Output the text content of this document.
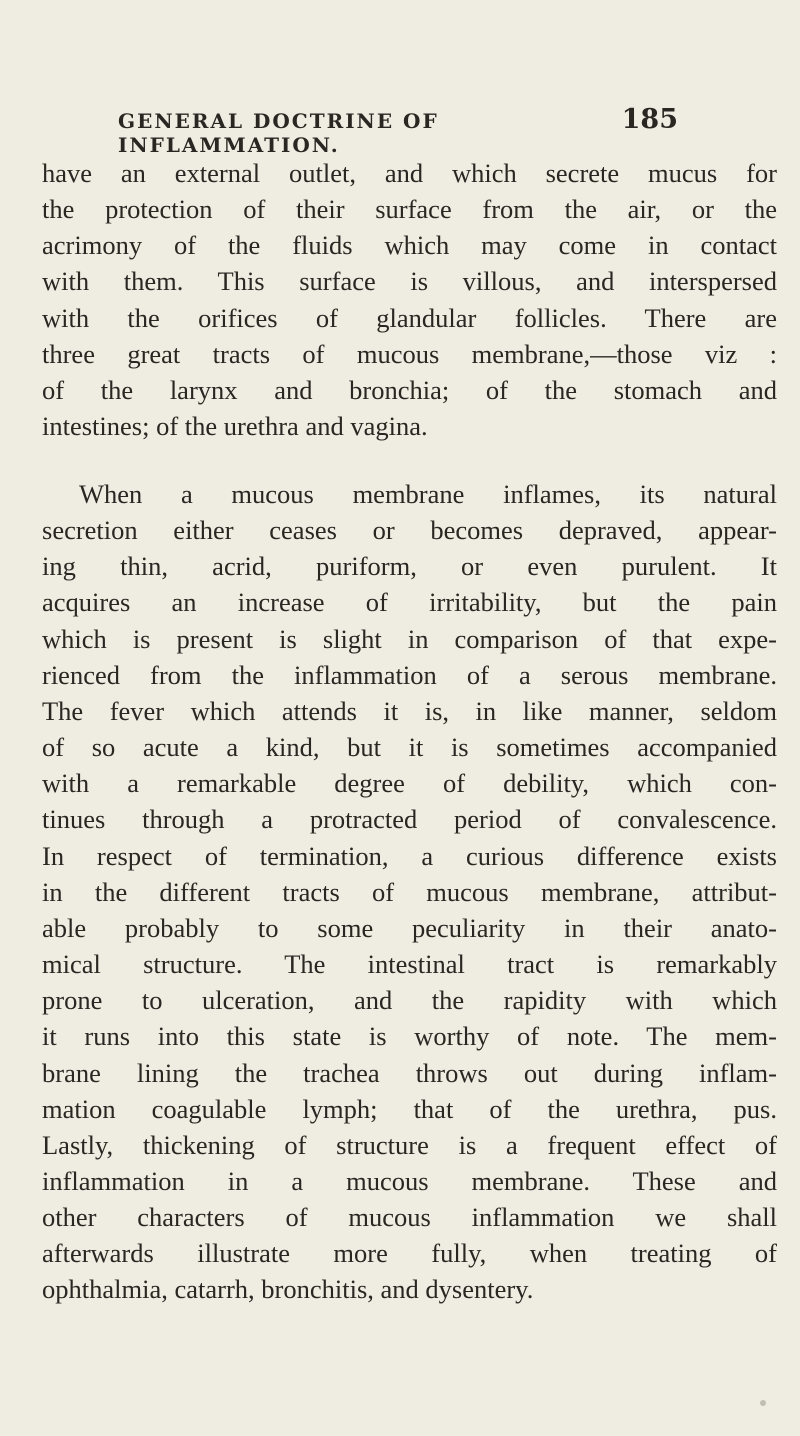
GENERAL DOCTRINE OF INFLAMMATION.
185
have an external outlet, and which secrete mucus for
the protection of their surface from the air, or the
acrimony of the fluids which may come in contact
with them. This surface is villous, and interspersed
with the orifices of glandular follicles. There are
three great tracts of mucous membrane,—those viz :
of the larynx and bronchia; of the stomach and
intestines; of the urethra and vagina.
When a mucous membrane inflames, its natural
secretion either ceases or becomes depraved, appear-
ing thin, acrid, puriform, or even purulent. It
acquires an increase of irritability, but the pain
which is present is slight in comparison of that expe-
rienced from the inflammation of a serous membrane.
The fever which attends it is, in like manner, seldom
of so acute a kind, but it is sometimes accompanied
with a remarkable degree of debility, which con-
tinues through a protracted period of convalescence.
In respect of termination, a curious difference exists
in the different tracts of mucous membrane, attribut-
able probably to some peculiarity in their anato-
mical structure. The intestinal tract is remarkably
prone to ulceration, and the rapidity with which
it runs into this state is worthy of note. The mem-
brane lining the trachea throws out during inflam-
mation coagulable lymph; that of the urethra, pus.
Lastly, thickening of structure is a frequent effect of
inflammation in a mucous membrane. These and
other characters of mucous inflammation we shall
afterwards illustrate more fully, when treating of
ophthalmia, catarrh, bronchitis, and dysentery.
